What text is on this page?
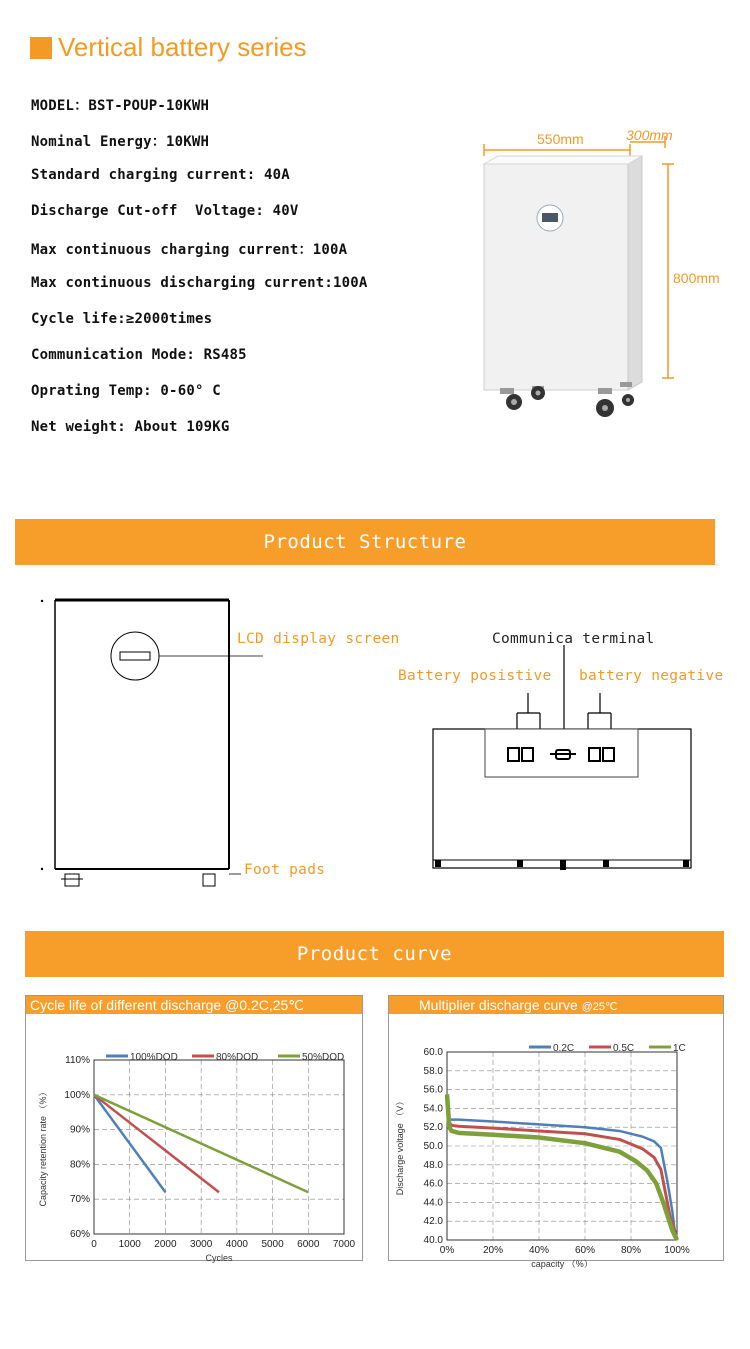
Vertical battery series
MODEL：BST-POUP-10KWH
Nominal Energy：10KWH
Standard charging current: 40A
Discharge Cut-off  Voltage: 40V
Max continuous charging current：100A
Max continuous discharging current:100A
Cycle life:≥2000times
Communication Mode: RS485
Oprating Temp: 0-60° C
Net weight: About 109KG
550mm	300mm
800mm
Product Structure
LCD display screen
Foot pads
Communica terminal
Battery posistive battery negative
Product curve
Cycle life of different discharge @0.2C,25℃
0 1000 2000 3000 4000 5000 6000 7000
60%
70%
80%
90%
100%
110%	100%DOD	80%DOD	50%DOD
Cycles
Capacity retention rate （%）
Multiplier discharge curve @25℃
0%	20%	40%	60%	80% 100%
40.0
42.0
44.0
46.0
48.0
50.0
52.0
54.0
56.0
58.0
60.0	0.2C	0.5C	1C
capacity （%）
Discharge voltage （V）
